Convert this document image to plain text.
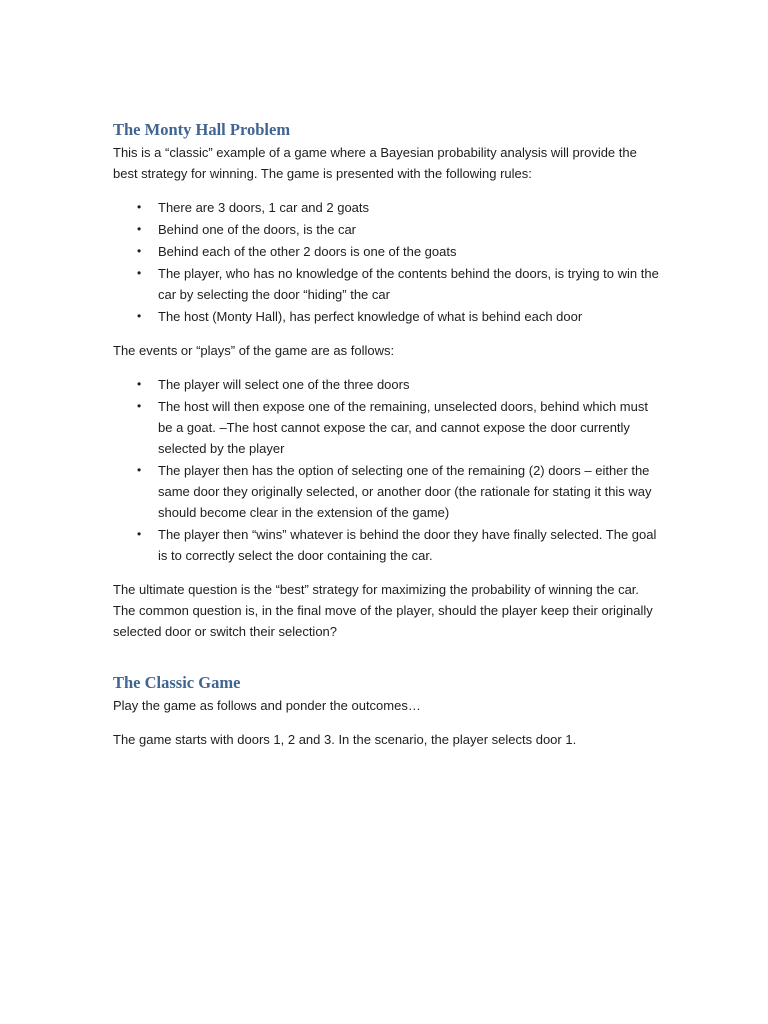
The Monty Hall Problem

This is a “classic” example of a game where a Bayesian probability analysis will provide the best strategy for winning. The game is presented with the following rules:

• There are 3 doors, 1 car and 2 goats
• Behind one of the doors, is the car
• Behind each of the other 2 doors is one of the goats
• The player, who has no knowledge of the contents behind the doors, is trying to win the car by selecting the door “hiding” the car
• The host (Monty Hall), has perfect knowledge of what is behind each door

The events or “plays” of the game are as follows:

• The player will select one of the three doors
• The host will then expose one of the remaining, unselected doors, behind which must be a goat. –The host cannot expose the car, and cannot expose the door currently selected by the player
• The player then has the option of selecting one of the remaining (2) doors – either the same door they originally selected, or another door (the rationale for stating it this way should become clear in the extension of the game)
• The player then “wins” whatever is behind the door they have finally selected. The goal is to correctly select the door containing the car.

The ultimate question is the “best” strategy for maximizing the probability of winning the car. The common question is, in the final move of the player, should the player keep their originally selected door or switch their selection?

The Classic Game

Play the game as follows and ponder the outcomes…

The game starts with doors 1, 2 and 3. In the scenario, the player selects door 1.
